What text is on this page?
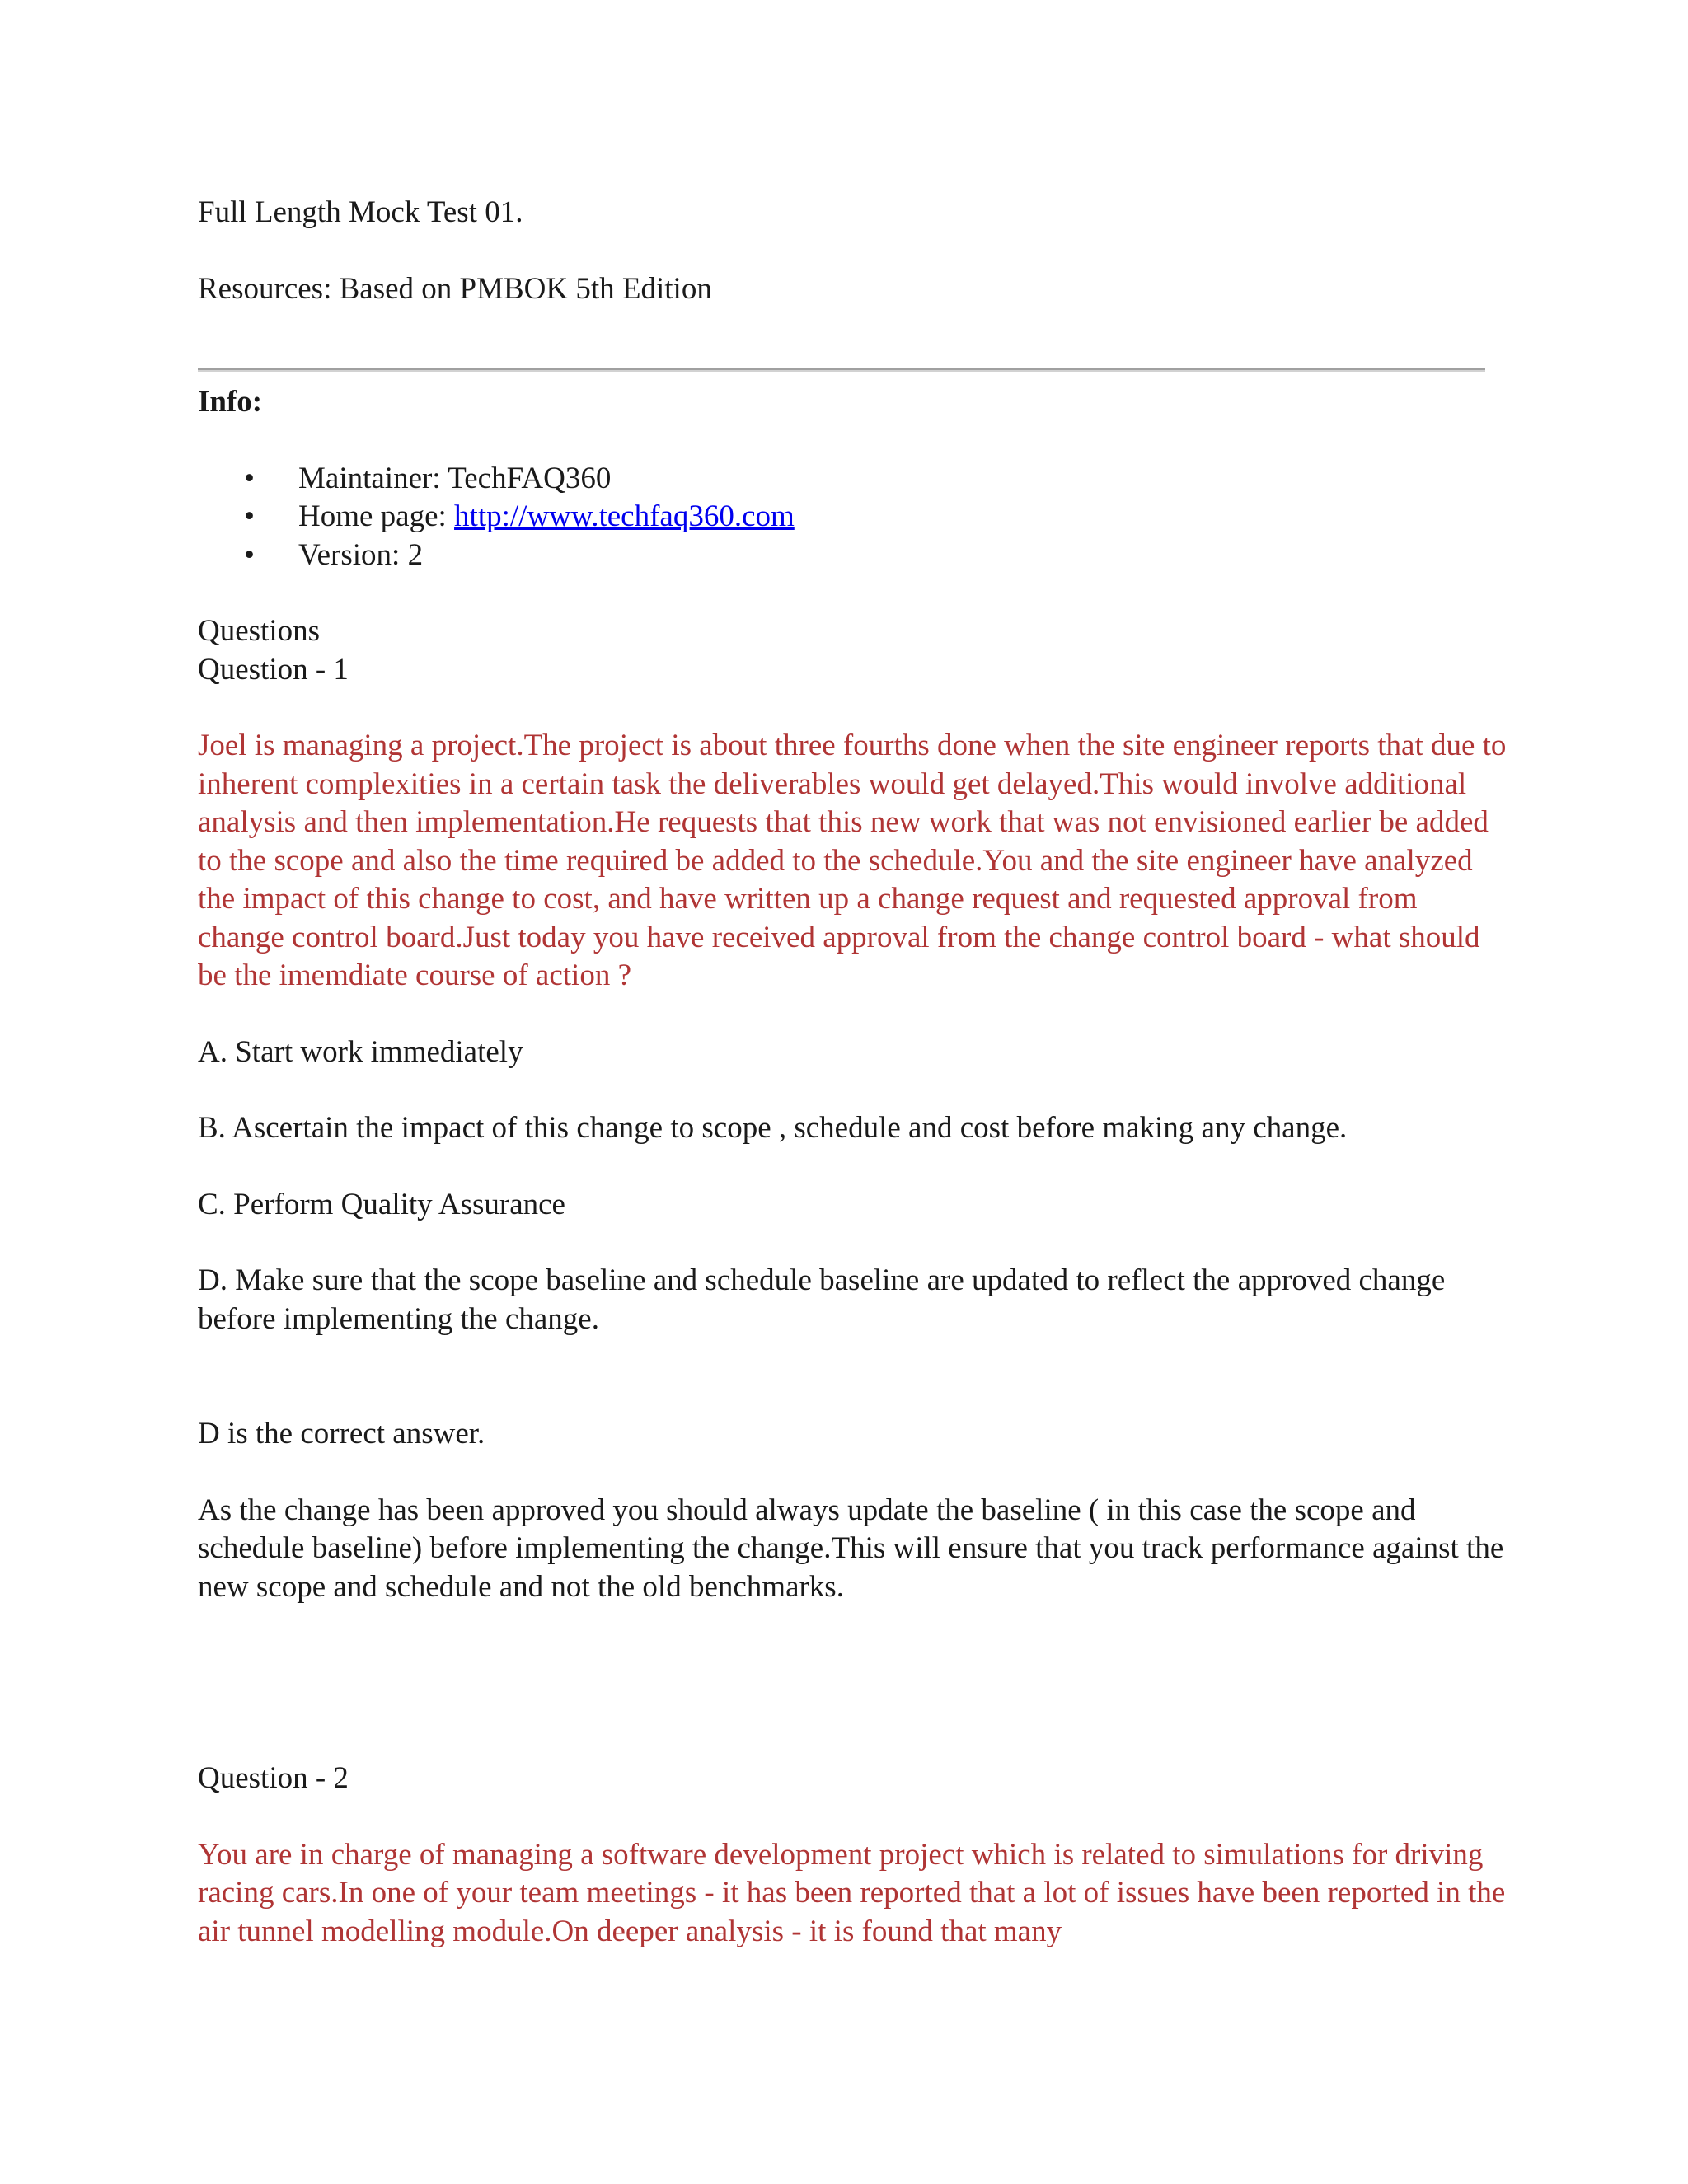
Full Length Mock Test 01.

Resources: Based on PMBOK 5th Edition

Info:

• Maintainer: TechFAQ360
• Home page: http://www.techfaq360.com
• Version: 2

Questions

Question - 1

Joel is managing a project.The project is about three fourths done when the site engineer reports that due to inherent complexities in a certain task the deliverables would get delayed.This would involve additional analysis and then implementation.He requests that this new work that was not envisioned earlier be added to the scope and also the time required be added to the schedule.You and the site engineer have analyzed the impact of this change to cost, and have written up a change request and requested approval from change control board.Just today you have received approval from the change control board - what should be the imemdiate course of action ?

A. Start work immediately

B. Ascertain the impact of this change to scope , schedule and cost before making any change.

C. Perform Quality Assurance

D. Make sure that the scope baseline and schedule baseline are updated to reflect the approved change before implementing the change.

D is the correct answer.

As the change has been approved you should always update the baseline ( in this case the scope and schedule baseline) before implementing the change.This will ensure that you track performance against the new scope and schedule and not the old benchmarks.

Question - 2

You are in charge of managing a software development project which is related to simulations for driving racing cars.In one of your team meetings - it has been reported that a lot of issues have been reported in the air tunnel modelling module.On deeper analysis - it is found that many
